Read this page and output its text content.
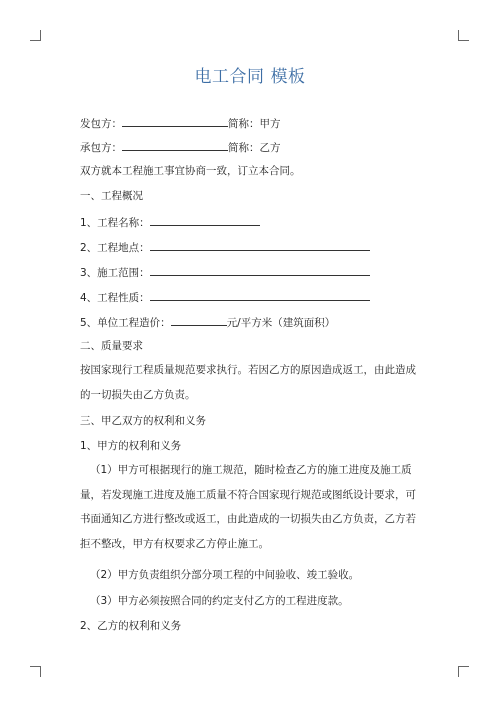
电工合同 模板
发包方：	简称：甲方
承包方：	简称：乙方
双方就本工程施工事宜协商一致，订立本合同。
一、工程概况
1、工程名称：
2、工程地点：
3、施工范围：
4、工程性质：
5、单位工程造价：	元/平方米（建筑面积）
二、质量要求
按国家现行工程质量规范要求执行。若因乙方的原因造成返工，由此造成的一切损失由乙方负责。
三、甲乙双方的权利和义务
1、甲方的权利和义务
（1）甲方可根据现行的施工规范，随时检查乙方的施工进度及施工质量，若发现施工进度及施工质量不符合国家现行规范或图纸设计要求，可书面通知乙方进行整改或返工，由此造成的一切损失由乙方负责，乙方若拒不整改，甲方有权要求乙方停止施工。
（2）甲方负责组织分部分项工程的中间验收、竣工验收。
（3）甲方必须按照合同的约定支付乙方的工程进度款。
2、乙方的权利和义务
